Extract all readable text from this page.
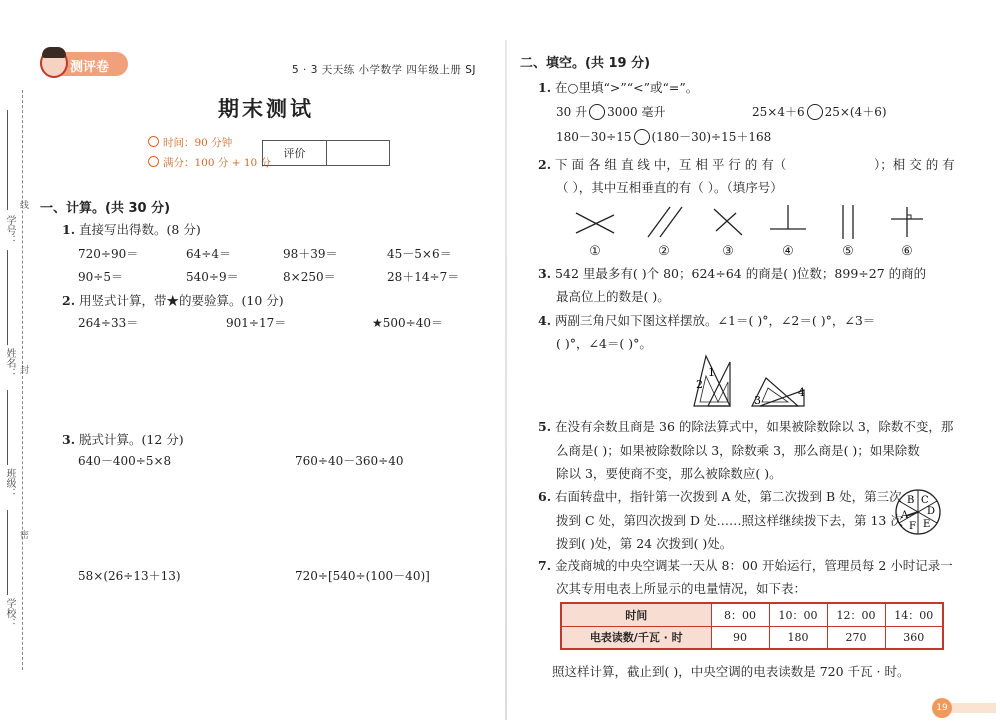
学号：
姓名：
班级：
学校：
线
封
密
测评卷	5 · 3 天天练 小学数学 四年级上册 SJ
期末测试
时间：90 分钟
满分：100 分 + 10 分
评价
一、计算。(共 30 分)
1. 直接写出得数。(8 分)
720÷90＝	64÷4＝	98＋39＝	45－5×6＝
90÷5＝	540÷9＝	8×250＝	28＋14÷7＝
2. 用竖式计算，带★的要验算。(10 分)
264÷33＝	901÷17＝	★500÷40＝
3. 脱式计算。(12 分)
640－400÷5×8	760÷40－360÷40
58×(26÷13＋13)	720÷[540÷(100－40)]
二、填空。(共 19 分)
1. 在○里填“>”“<”或“=”。
30 升 3000 毫升	25×4＋6 25×(4＋6)
180－30÷15 (180－30)÷15＋168
2. 下 面 各 组 直 线 中，互 相 平 行 的 有（	）；相 交 的 有
（ ），其中互相垂直的有（ ）。（填序号）
①	②	③	④	⑤	⑥
3. 542 里最多有( )个 80；624÷64 的商是( )位数；899÷27 的商的
最高位上的数是( )。
4. 两副三角尺如下图这样摆放。∠1＝( )°，∠2＝( )°，∠3＝
( )°，∠4＝( )°。
1
2
3
4
5. 在没有余数且商是 36 的除法算式中，如果被除数除以 3，除数不变，那
么商是( )；如果被除数除以 3，除数乘 3，那么商是( )；如果除数
除以 3，要使商不变，那么被除数应( )。
6. 右面转盘中，指针第一次拨到 A 处，第二次拨到 B 处，第三次
拨到 C 处，第四次拨到 D 处……照这样继续拨下去，第 13 次
拨到( )处，第 24 次拨到( )处。
A
B C
D
E
F
7. 金茂商城的中央空调某一天从 8：00 开始运行，管理员每 2 小时记录一
次其专用电表上所显示的电量情况，如下表：
时间	8：00	10：00	12：00	14：00
电表读数/千瓦 · 时	90	180	270	360
照这样计算，截止到( )，中央空调的电表读数是 720 千瓦 · 时。
19
